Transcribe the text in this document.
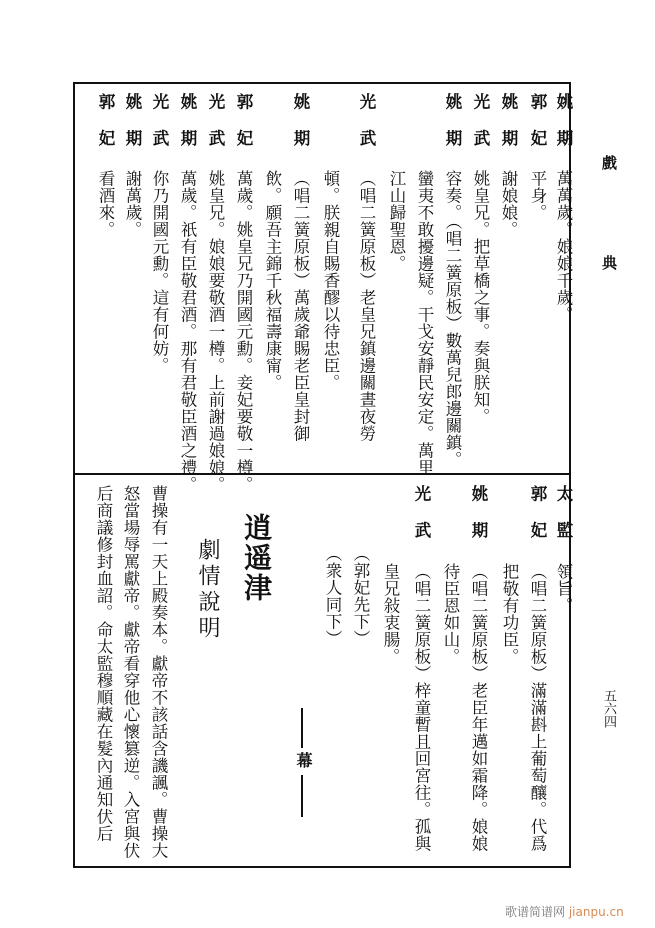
戲
典
五六四
姚期
萬萬歲。娘娘千歲。
郭妃
平身。
姚期
謝娘娘。
光武
姚皇兄。把草橋之事。奏與朕知。
姚期
容奏。（唱二簧原板）數萬兒郎邊關鎮。
蠻夷不敢擾邊疑。干戈安靜民安定。萬里
江山歸聖恩。
光武
（唱二簧原板）老皇兄鎮邊關晝夜勞
頓。朕親自賜香醪以待忠臣。
姚期
（唱二簧原板）萬歲爺賜老臣皇封御
飲。願吾主錦千秋福壽康甯。
郭妃
萬歲。姚皇兄乃開國元勳。妾妃要敬一樽。
光武
姚皇兄。娘娘要敬酒一樽。上前謝過娘娘。
姚期
萬歲。祇有臣敬君酒。那有君敬臣酒之禮。
光武
你乃開國元勳。這有何妨。
姚期
謝萬歲。
郭妃
看酒來。
太監
領旨。
郭妃
（唱二簧原板）滿滿斟上葡萄釀。代爲
把敬有功臣。
姚期
（唱二簧原板）老臣年邁如霜降。娘娘
待臣恩如山。
光武
（唱二簧原板）梓童暫且回宮往。孤與
皇兄敍衷腸。
（郭妃先下）
（衆人同下）
幕
逍遥津
劇情說明
曹操有一天上殿奏本。獻帝不該話含譏諷。曹操大
怒當場辱罵獻帝。獻帝看穿他心懷篡逆。入宮與伏
后商議修封血詔。命太監穆順藏在髮內通知伏后
歌谱简谱网 jianpu.cn
